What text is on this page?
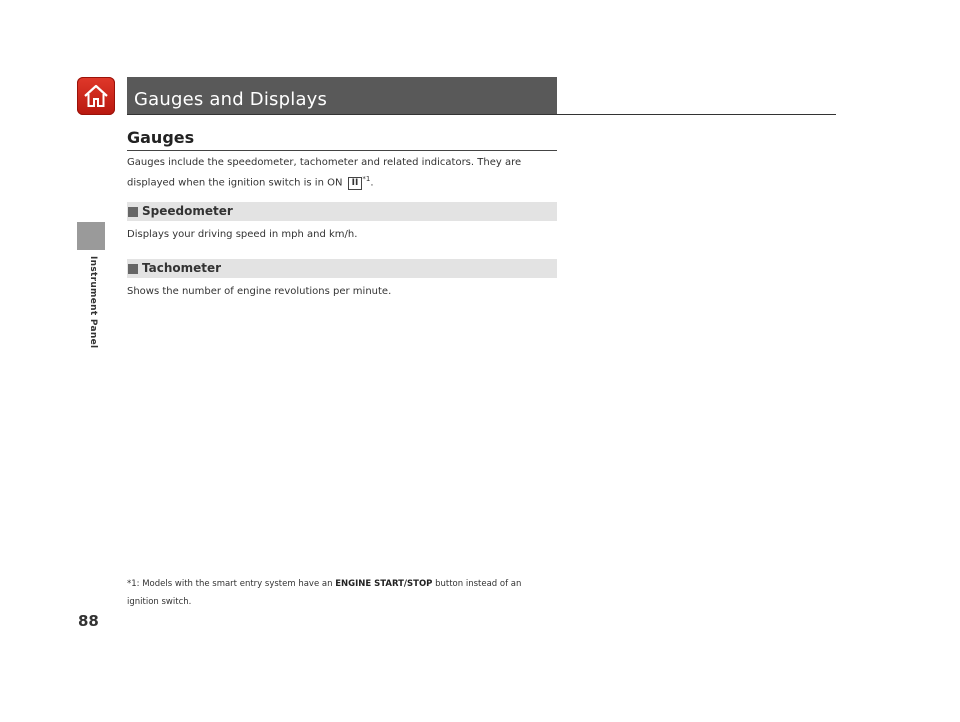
Instrument Panel
Gauges and Displays
Gauges
Gauges include the speedometer, tachometer and related indicators. They are
displayed when the ignition switch is in ON II $^{*1}$.
Speedometer
Displays your driving speed in mph and km/h.
Tachometer
Shows the number of engine revolutions per minute.
*1: Models with the smart entry system have an ENGINE START/STOP button instead of an
ignition switch.
88
